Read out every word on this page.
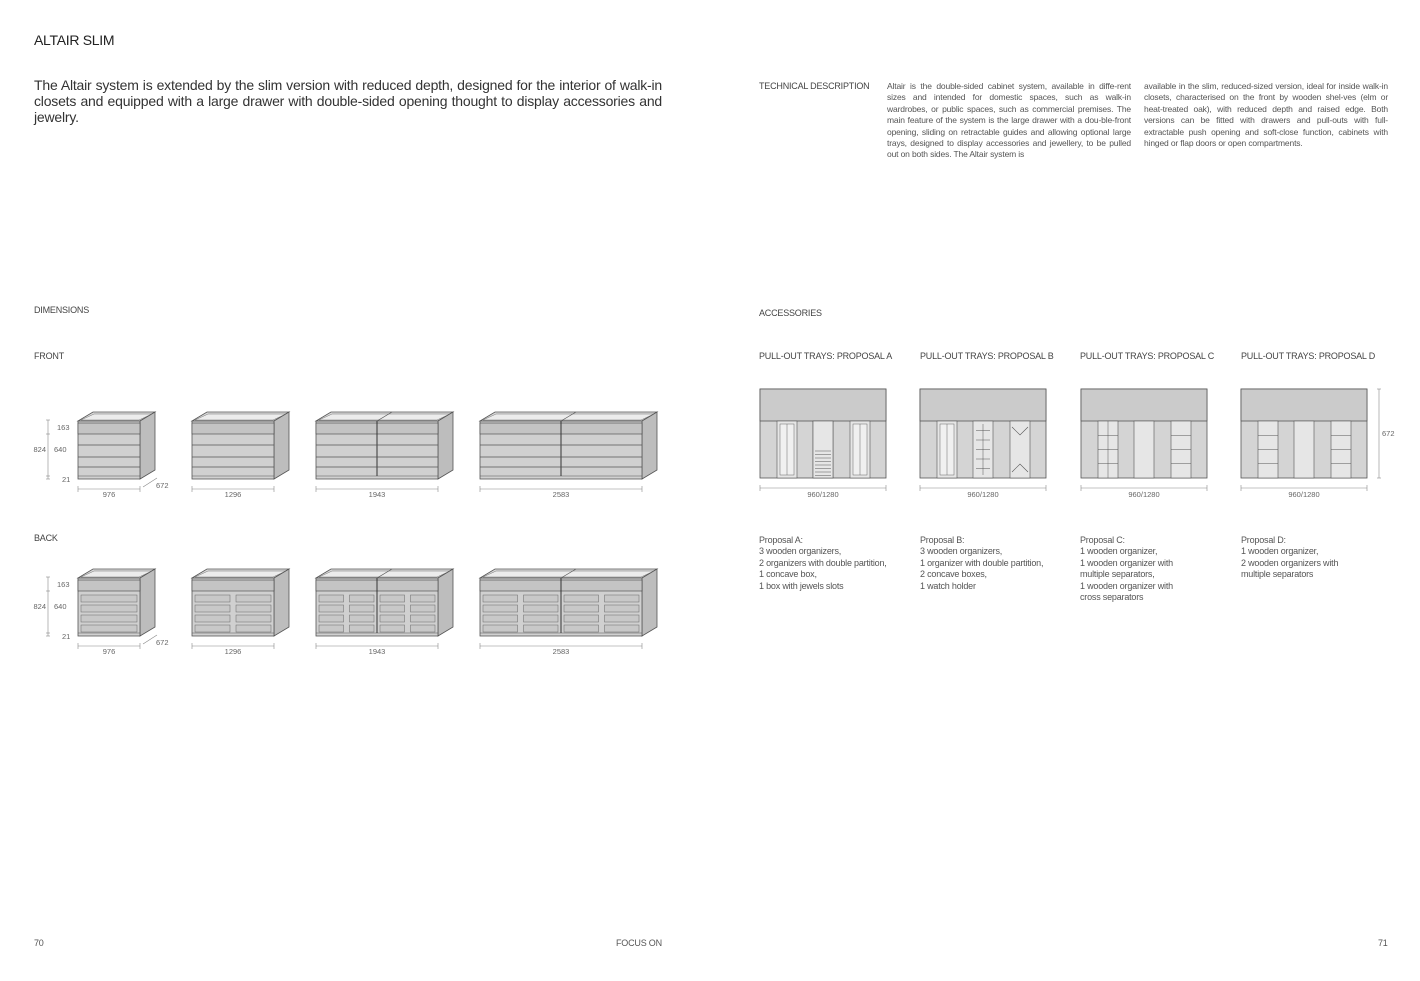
ALTAIR SLIM
The Altair system is extended by the slim version with reduced depth, designed for the interior of walk-in closets and equipped with a large drawer with double-sided opening thought to display accessories and jewelry.
DIMENSIONS
FRONT
BACK
976
824
163
640
21
672
1296	1943	2583
976
824
163
640
21
672
1296	1943	2583
70	FOCUS ON
TECHNICAL DESCRIPTION Altair is the double-sided cabinet system, available in diffe-rent sizes and intended for domestic spaces, such as walk-in wardrobes, or public spaces, such as commercial premises. The main feature of the system is the large drawer with a dou-ble-front opening, sliding on retractable guides and allowing optional large trays, designed to display accessories and jewellery, to be pulled out on both sides. The Altair system is
available in the slim, reduced-sized version, ideal for inside walk-in closets, characterised on the front by wooden shel-ves (elm or heat-treated oak), with reduced depth and raised edge. Both versions can be fitted with drawers and pull-outs with full-extractable push opening and soft-close function, cabinets with hinged or flap doors or open compartments.
ACCESSORIES
PULL-OUT TRAYS: PROPOSAL A	PULL-OUT TRAYS: PROPOSAL B	PULL-OUT TRAYS: PROPOSAL C	PULL-OUT TRAYS: PROPOSAL D
960/1280	960/1280	960/1280	960/1280
672
Proposal A:
3 wooden organizers,
2 organizers with double partition,
1 concave box,
1 box with jewels slots
Proposal B:
3 wooden organizers,
1 organizer with double partition,
2 concave boxes,
1 watch holder
Proposal C:
1 wooden organizer,
1 wooden organizer with
multiple separators,
1 wooden organizer with
cross separators
Proposal D:
1 wooden organizer,
2 wooden organizers with
multiple separators
71
